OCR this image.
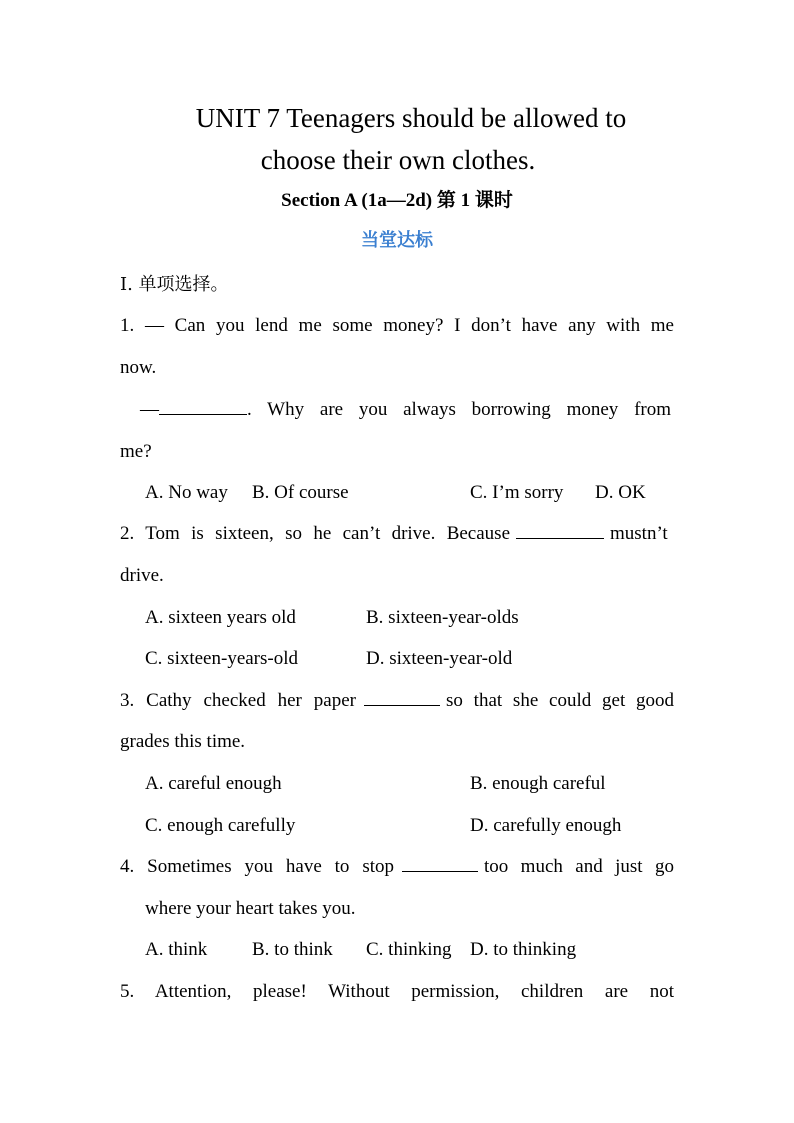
UNIT 7 Teenagers should be allowed to
choose their own clothes.
Section A (1a—2d) 第 1 课时
当堂达标
Ⅰ. 单项选择。
1. — Can you lend me some money? I don’t have any with me
now.
—	. Why are you always borrowing money from
me?
A. No way B. Of course	C. I’m sorry D. OK
2. Tom is sixteen, so he can’t drive. Because	mustn’t
drive.
A. sixteen years old	B. sixteen-year-olds
C. sixteen-years-old	D. sixteen-year-old
3. Cathy checked her paper	so that she could get good
grades this time.
A. careful enough	B. enough careful
C. enough carefully	D. carefully enough
4. Sometimes you have to stop	too much and just go
where your heart takes you.
A. think B. to think C. thinking D. to thinking
5. Attention, please! Without permission, children are not
